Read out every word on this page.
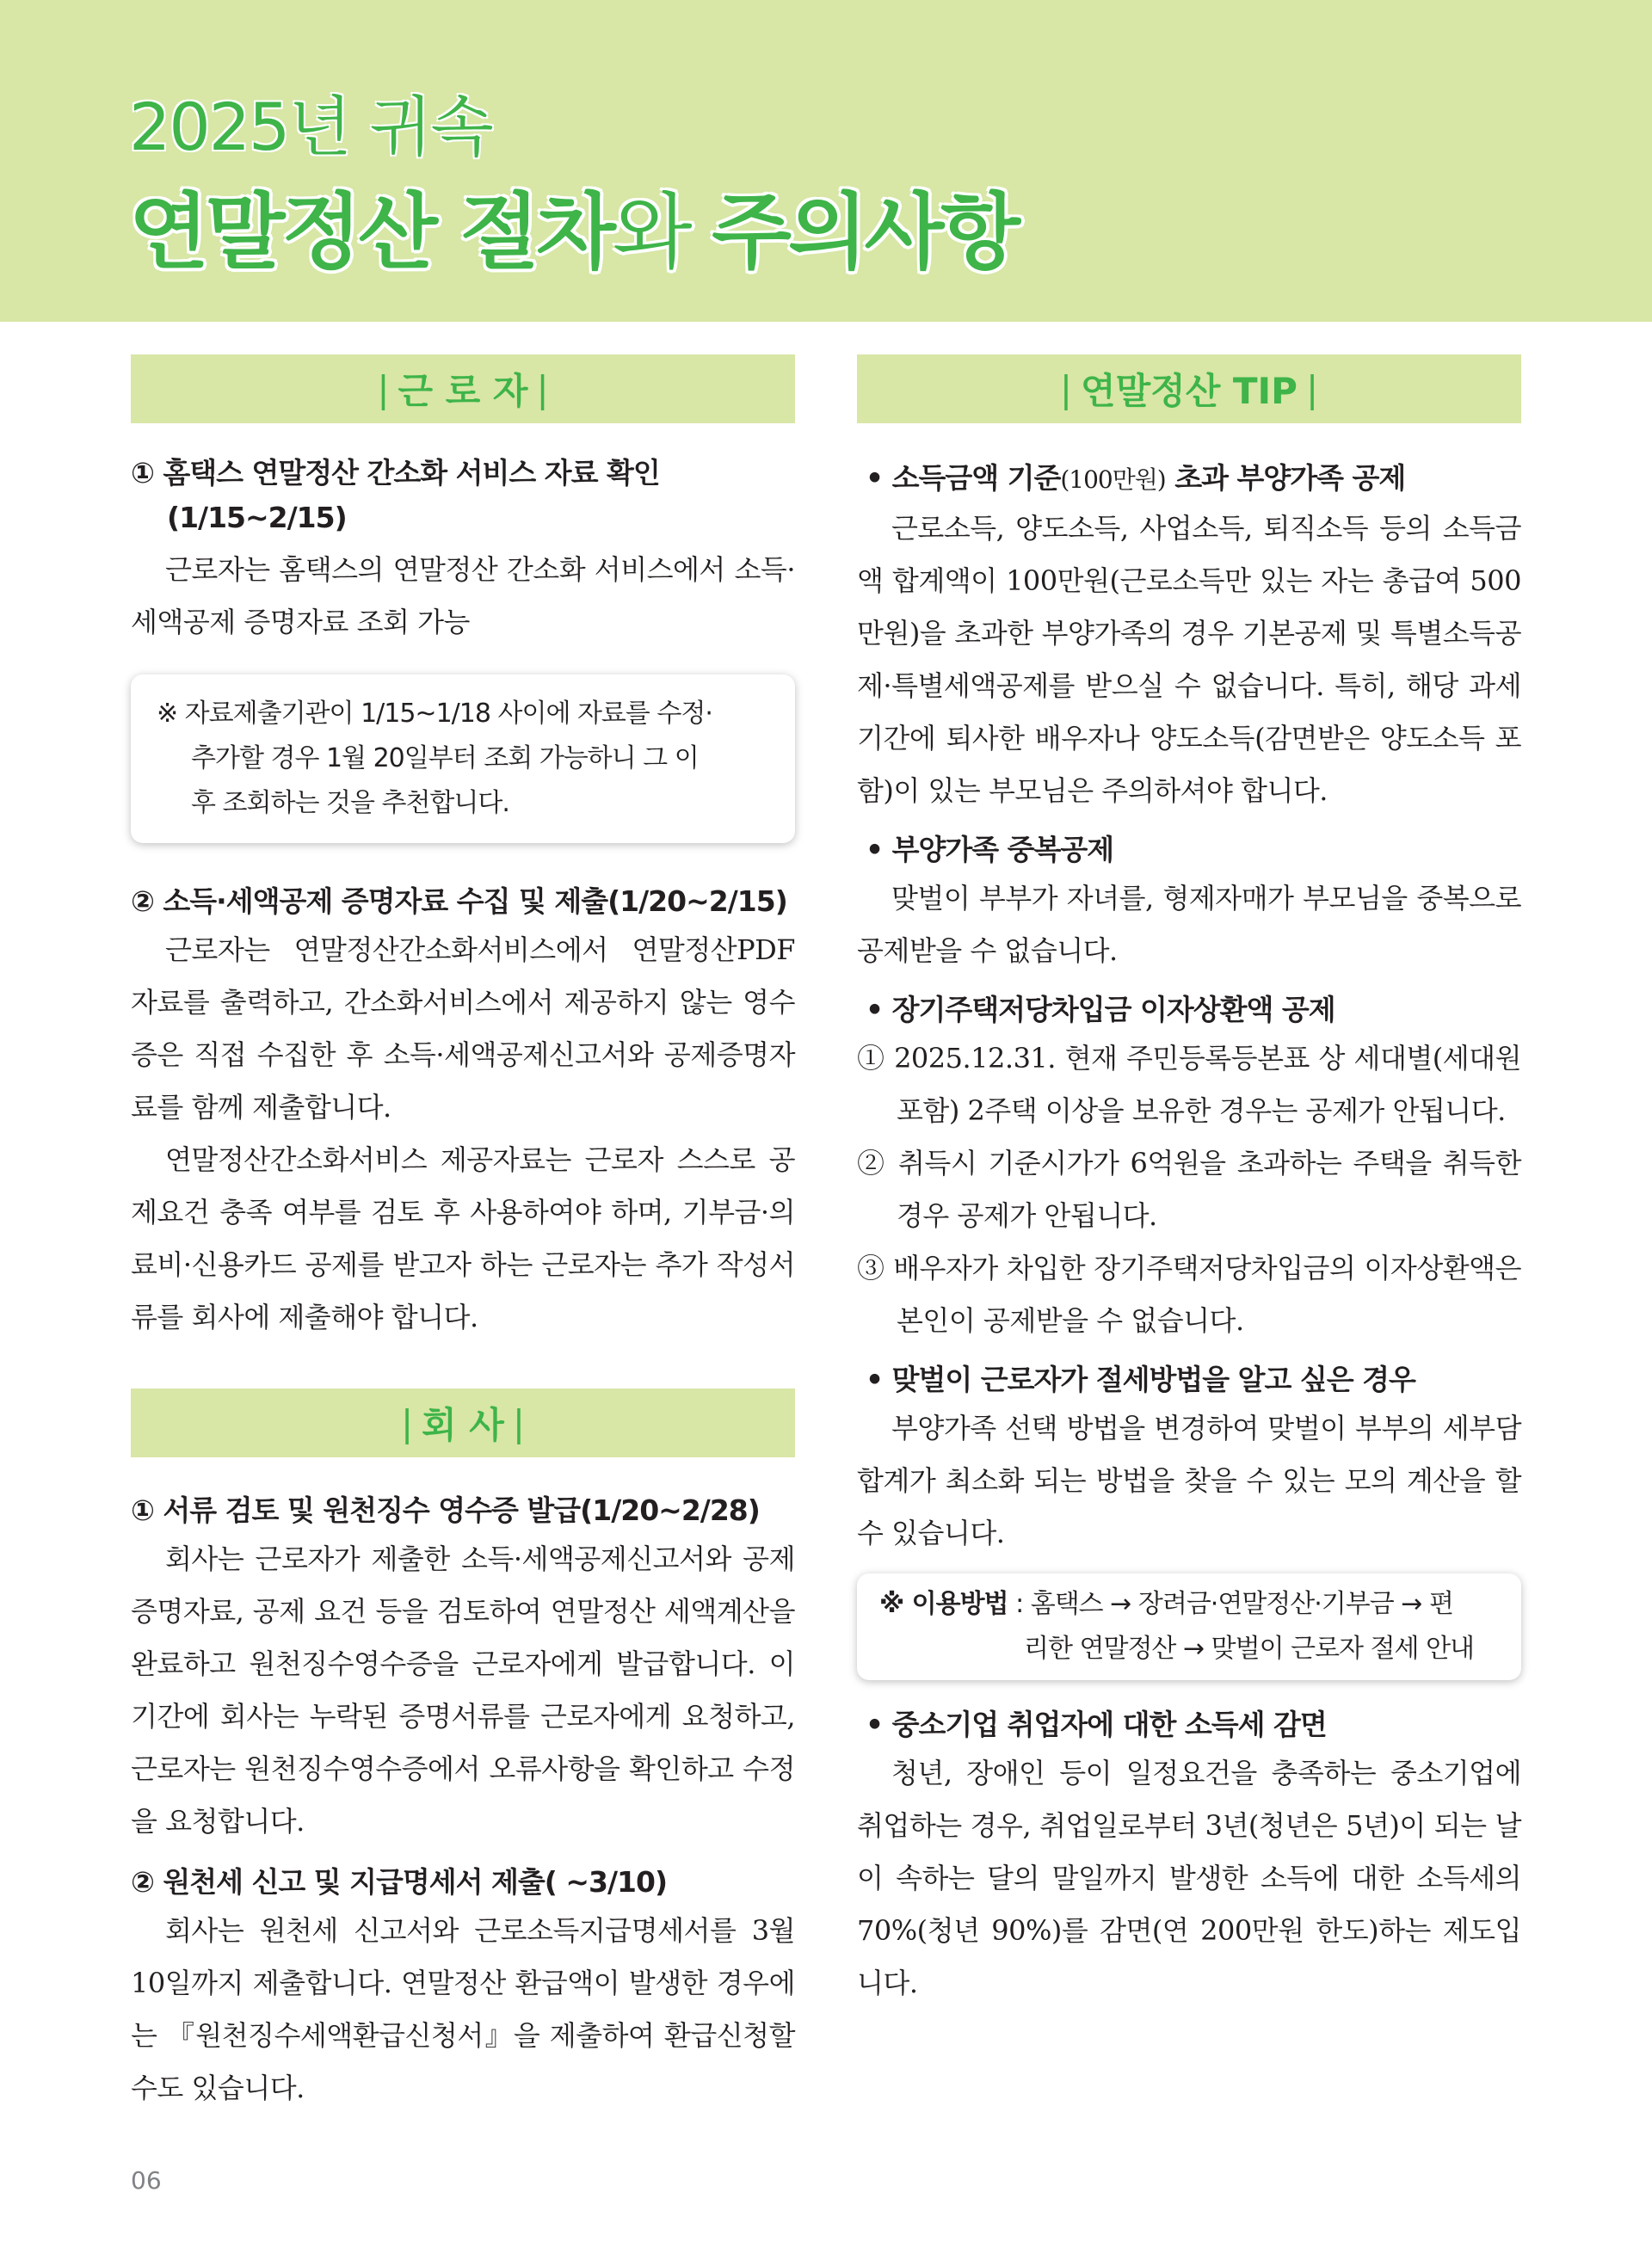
2025년 귀속
연말정산 절차와 주의사항
| 근 로 자 |
① 홈택스 연말정산 간소화 서비스 자료 확인
(1/15~2/15)

근로자는 홈택스의 연말정산 간소화 서비스에서 소득·세액공제 증명자료 조회 가능

※ 자료제출기관이 1/15~1/18 사이에 자료를 수정·
추가할 경우 1월 20일부터 조회 가능하니 그 이
후 조회하는 것을 추천합니다.
② 소득·세액공제 증명자료 수집 및 제출(1/20~2/15)

근로자는 연말정산간소화서비스에서 연말정산PDF 자료를 출력하고, 간소화서비스에서 제공하지 않는 영수증은 직접 수집한 후 소득·세액공제신고서와 공제증명자료를 함께 제출합니다.

연말정산간소화서비스 제공자료는 근로자 스스로 공제요건 충족 여부를 검토 후 사용하여야 하며, 기부금·의료비·신용카드 공제를 받고자 하는 근로자는 추가 작성서류를 회사에 제출해야 합니다.

| 회 사 |
① 서류 검토 및 원천징수 영수증 발급(1/20~2/28)

회사는 근로자가 제출한 소득·세액공제신고서와 공제증명자료, 공제 요건 등을 검토하여 연말정산 세액계산을 완료하고 원천징수영수증을 근로자에게 발급합니다. 이 기간에 회사는 누락된 증명서류를 근로자에게 요청하고, 근로자는 원천징수영수증에서 오류사항을 확인하고 수정을 요청합니다.

② 원천세 신고 및 지급명세서 제출( ~3/10)

회사는 원천세 신고서와 근로소득지급명세서를 3월 10일까지 제출합니다. 연말정산 환급액이 발생한 경우에는 『원천징수세액환급신청서』을 제출하여 환급신청할 수도 있습니다.

| 연말정산 TIP |
• 소득금액 기준(100만원) 초과 부양가족 공제

근로소득, 양도소득, 사업소득, 퇴직소득 등의 소득금액 합계액이 100만원(근로소득만 있는 자는 총급여 500만원)을 초과한 부양가족의 경우 기본공제 및 특별소득공제·특별세액공제를 받으실 수 없습니다. 특히, 해당 과세기간에 퇴사한 배우자나 양도소득(감면받은 양도소득 포함)이 있는 부모님은 주의하셔야 합니다.

• 부양가족 중복공제

맞벌이 부부가 자녀를, 형제자매가 부모님을 중복으로 공제받을 수 없습니다.

• 장기주택저당차입금 이자상환액 공제

① 2025.12.31. 현재 주민등록등본표 상 세대별(세대원 포함) 2주택 이상을 보유한 경우는 공제가 안됩니다.

② 취득시 기준시가가 6억원을 초과하는 주택을 취득한 경우 공제가 안됩니다.

③ 배우자가 차입한 장기주택저당차입금의 이자상환액은 본인이 공제받을 수 없습니다.

• 맞벌이 근로자가 절세방법을 알고 싶은 경우

부양가족 선택 방법을 변경하여 맞벌이 부부의 세부담 합계가 최소화 되는 방법을 찾을 수 있는 모의 계산을 할 수 있습니다.

※ 이용방법 : 홈택스 → 장려금·연말정산·기부금 → 편
리한 연말정산 → 맞벌이 근로자 절세 안내
• 중소기업 취업자에 대한 소득세 감면

청년, 장애인 등이 일정요건을 충족하는 중소기업에 취업하는 경우, 취업일로부터 3년(청년은 5년)이 되는 날이 속하는 달의 말일까지 발생한 소득에 대한 소득세의 70%(청년 90%)를 감면(연 200만원 한도)하는 제도입니다.

06
